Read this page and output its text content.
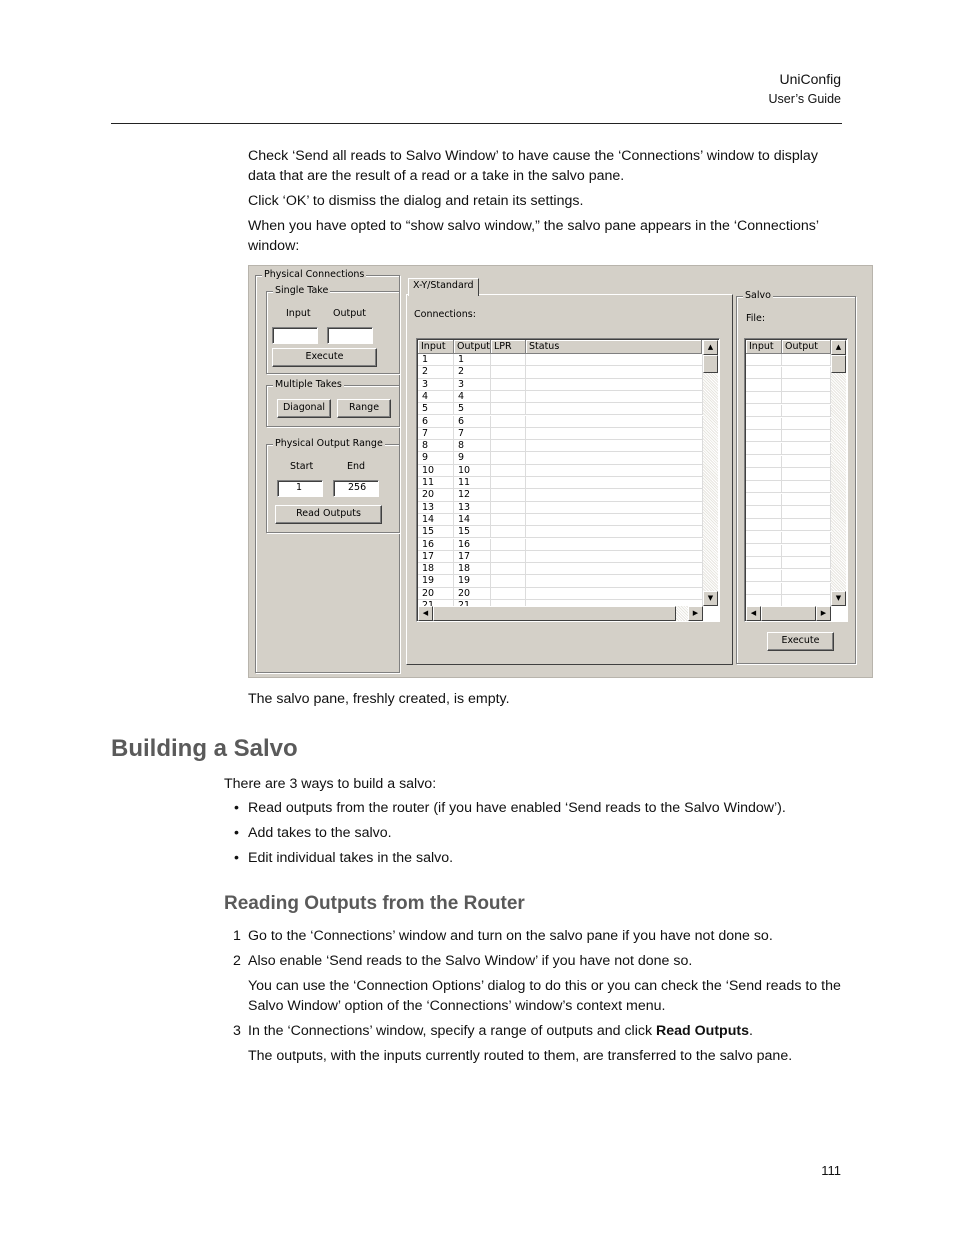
UniConfig
User’s Guide

Check ‘Send all reads to Salvo Window’ to have cause the ‘Connections’ window to display data that are the result of a read or a take in the salvo pane.

Click ‘OK’ to dismiss the dialog and retain its settings.

When you have opted to “show salvo window,” the salvo pane appears in the ‘Connections’ window:

Physical Connections
Single Take
Input Output
Execute
Multiple Takes
Diagonal	Range
Physical Output Range
Start	End
1	256
Read Outputs
X-Y/Standard
Connections:
Input	Output LPR	Status
1	1
2	2
3	3
4	4
5	5
6	6
7	7
8	8
9	9
10	10
11	11
20	12
13	13
14	14
15	15
16	16
17	17
18	18
19	19
20	20
▲
▼
◀	▶
Salvo
File:
Input	Output	▲
▼
◀	▶
Execute

The salvo pane, freshly created, is empty.

Building a Salvo

There are 3 ways to build a salvo:

• Read outputs from the router (if you have enabled ‘Send reads to the Salvo Window’).

• Add takes to the salvo.

• Edit individual takes in the salvo.

Reading Outputs from the Router
1 Go to the ‘Connections’ window and turn on the salvo pane if you have not done so.

2 Also enable ‘Send reads to the Salvo Window’ if you have not done so.

You can use the ‘Connection Options’ dialog to do this or you can check the ‘Send reads to the Salvo Window’ option of the ‘Connections’ window’s context menu.

3 In the ‘Connections’ window, specify a range of outputs and click Read Outputs.

The outputs, with the inputs currently routed to them, are transferred to the salvo pane.

111
